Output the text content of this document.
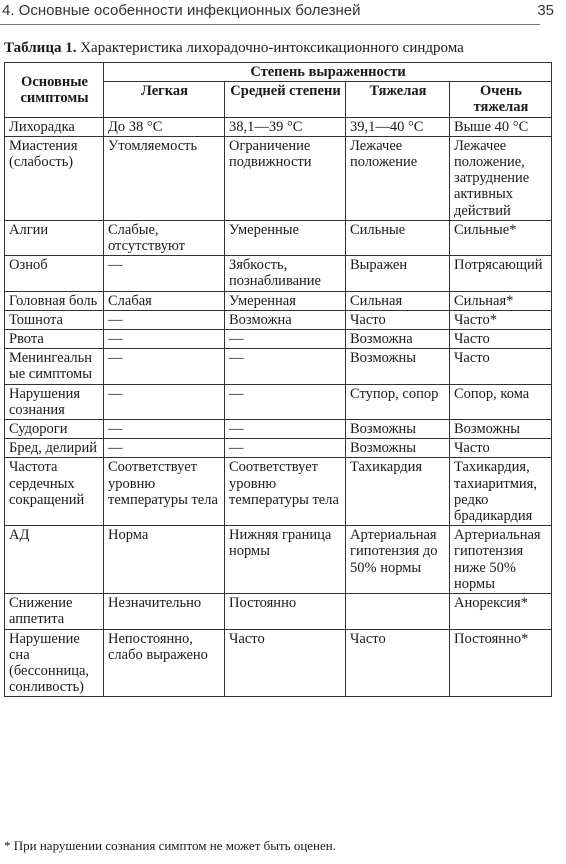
4. Основные особенности инфекционных болезней	35
Таблица 1. Характеристика лихорадочно-интоксикационного синдрома
Основные симптомы	Степень выраженности			
	Легкая	Средней степени	Тяжелая	Очень тяжелая
Лихорадка	До 38 °С	38,1—39 °С	39,1—40 °С	Выше 40 °С
Миастения (слабость)	Утомляемость	Ограничение подвижности	Лежачее положение	Лежачее положение, затруднение активных действий
Алгии	Слабые, отсутствуют	Умеренные	Сильные	Сильные*
Озноб	—	Зябкость, познабливание	Выражен	Потрясающий
Головная боль	Слабая	Умеренная	Сильная	Сильная*
Тошнота	—	Возможна	Часто	Часто*
Рвота	—	—	Возможна	Часто
Менингеальные симптомы	—	—	Возможны	Часто
Нарушения сознания	—	—	Ступор, сопор	Сопор, кома
Судороги	—	—	Возможны	Возможны
Бред, делирий	—	—	Возможны	Часто
Частота сердечных сокращений	Соответствует уровню температуры тела	Соответствует уровню температуры тела	Тахикардия	Тахикардия, тахиаритмия, редко брадикардия
АД	Норма	Нижняя граница нормы	Артериальная гипотензия до 50% нормы	Артериальная гипотензия ниже 50% нормы
Снижение аппетита	Незначительно	Постоянно		Анорексия*
Нарушение сна (бессонница, сонливость)	Непостоянно, слабо выражено	Часто	Часто	Постоянно*
* При нарушении сознания симптом не может быть оценен.
